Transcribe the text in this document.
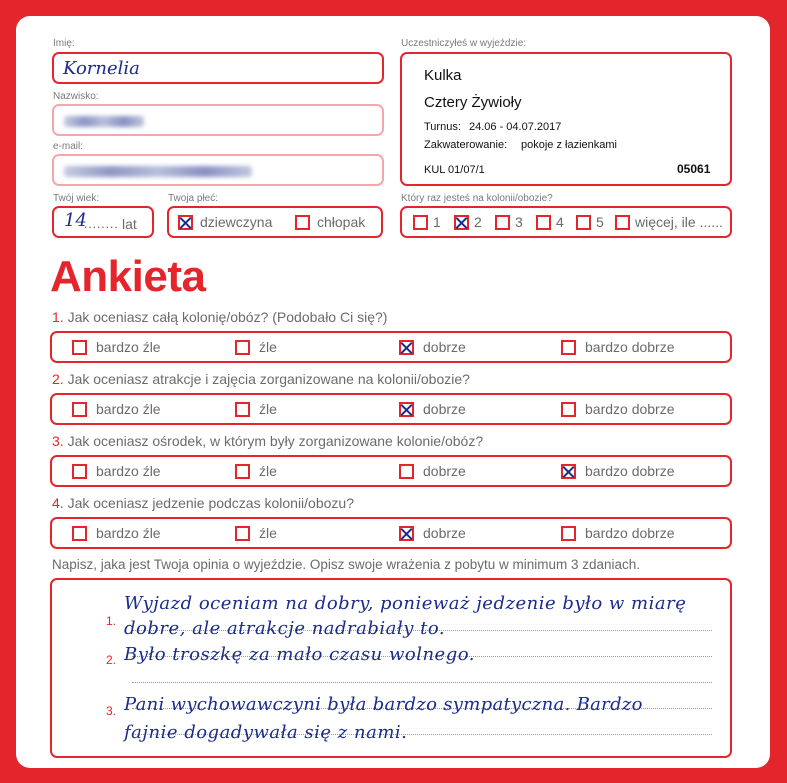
Imię:
Kornelia
Nazwisko:
e-mail:
Twój wiek:
14
........ lat
Twoja płeć:
dziewczyna	chłopak
Uczestniczyłeś w wyjeździe:
Kulka
Cztery Żywioły
Turnus: 24.06 - 04.07.2017
Zakwaterowanie: pokoje z łazienkami
KUL 01/07/1	05061
Który raz jesteś na kolonii/obozie?
1 2 3 4 5 więcej, ile ......
Ankieta
1. Jak oceniasz całą kolonię/obóz? (Podobało Ci się?)
bardzo źle	źle	dobrze	bardzo dobrze
2. Jak oceniasz atrakcje i zajęcia zorganizowane na kolonii/obozie?
bardzo źle	źle	dobrze	bardzo dobrze
3. Jak oceniasz ośrodek, w którym były zorganizowane kolonie/obóz?
bardzo źle	źle	dobrze	bardzo dobrze
4. Jak oceniasz jedzenie podczas kolonii/obozu?
bardzo źle	źle	dobrze	bardzo dobrze
Napisz, jaka jest Twoja opinia o wyjeździe. Opisz swoje wrażenia z pobytu w minimum 3 zdaniach.
1.
2.
3.
Wyjazd oceniam na dobry, ponieważ jedzenie było w miarę
dobre, ale atrakcje nadrabiały to.
Było troszkę za mało czasu wolnego.
Pani wychowawczyni była bardzo sympatyczna. Bardzo
fajnie dogadywała się z nami.
